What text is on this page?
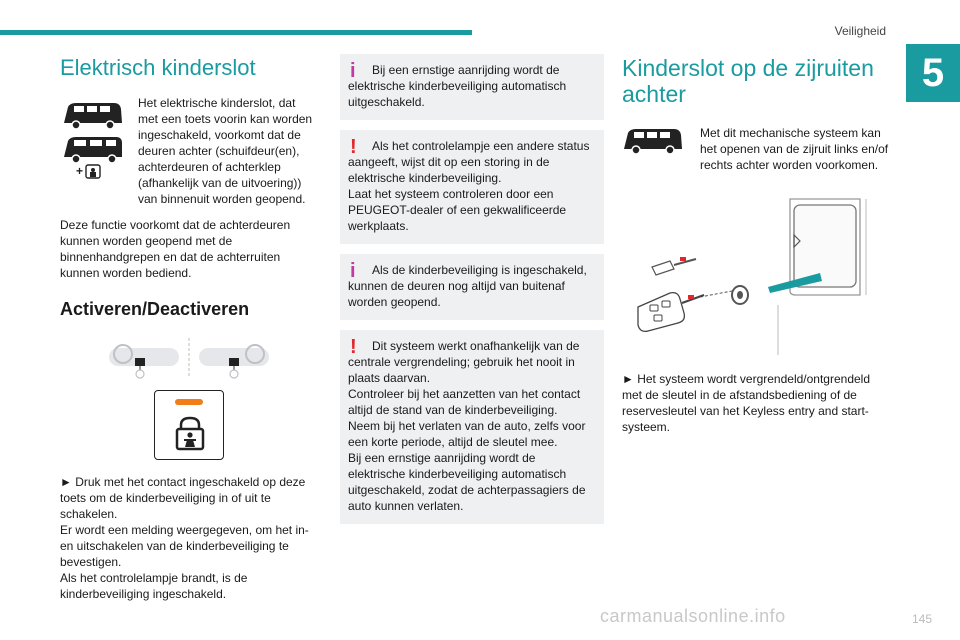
Veiligheid
5
Elektrisch kinderslot
+
Het elektrische kinderslot, dat met een toets voorin kan worden ingeschakeld, voorkomt dat de deuren achter (schuifdeur(en), achterdeuren of achterklep (afhankelijk van de uitvoering)) van binnenuit worden geopend.

Deze functie voorkomt dat de achterdeuren kunnen worden geopend met de binnenhandgrepen en dat de achterruiten kunnen worden bediend.

Activeren/Deactiveren

► Druk met het contact ingeschakeld op deze toets om de kinderbeveiliging in of uit te schakelen.

Er wordt een melding weergegeven, om het in- en uitschakelen van de kinderbeveiliging te bevestigen.

Als het controlelampje brandt, is de kinderbeveiliging ingeschakeld.

i	Bij een ernstige aanrijding wordt de elektrische kinderbeveiliging automatisch uitgeschakeld.

!	Als het controlelampje een andere status aangeeft, wijst dit op een storing in de elektrische kinderbeveiliging.

Laat het systeem controleren door een PEUGEOT-dealer of een gekwalificeerde werkplaats.

i	Als de kinderbeveiliging is ingeschakeld, kunnen de deuren nog altijd van buitenaf worden geopend.

!	Dit systeem werkt onafhankelijk van de centrale vergrendeling; gebruik het nooit in plaats daarvan.

Controleer bij het aanzetten van het contact altijd de stand van de kinderbeveiliging.

Neem bij het verlaten van de auto, zelfs voor een korte periode, altijd de sleutel mee.

Bij een ernstige aanrijding wordt de elektrische kinderbeveiliging automatisch uitgeschakeld, zodat de achterpassagiers de auto kunnen verlaten.

Kinderslot op de zijruiten achter
Met dit mechanische systeem kan het openen van de zijruit links en/of rechts achter worden voorkomen.

► Het systeem wordt vergrendeld/ontgrendeld met de sleutel in de afstandsbediening of de reservesleutel van het Keyless entry and start-systeem.

carmanualsonline.info	145
